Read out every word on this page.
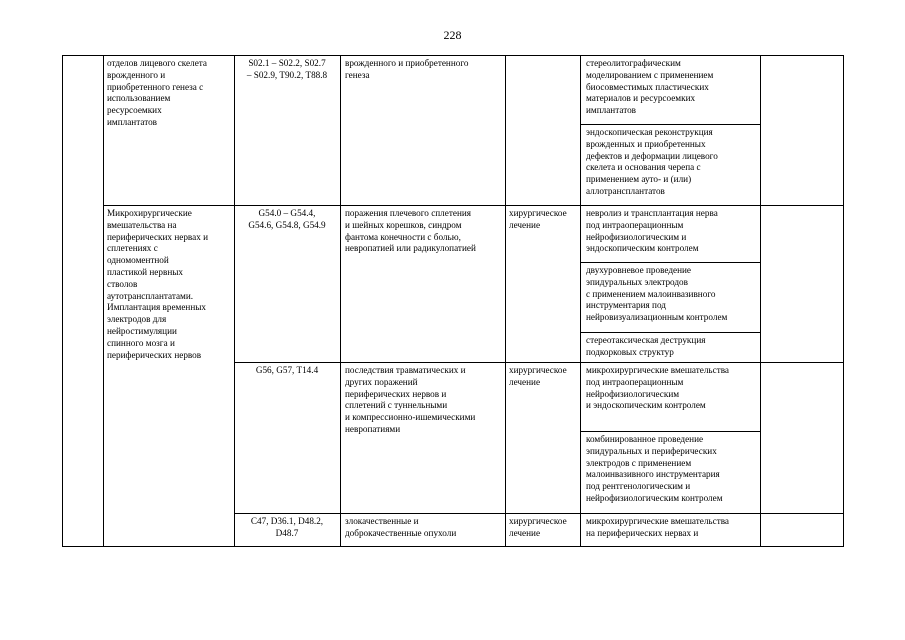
228
отделов лицевого скелета
врожденного и
приобретенного генеза с
использованием
ресурсоемких
имплантатов
S02.1 – S02.2, S02.7
– S02.9, T90.2, T88.8
врожденного и приобретенного
генеза
стереолитографическим
моделированием с применением
биосовместимых пластических
материалов и ресурсоемких
имплантатов
эндоскопическая реконструкция
врожденных и приобретенных
дефектов и деформации лицевого
скелета и основания черепа с
применением ауто- и (или)
аллотрансплантатов
Микрохирургические
вмешательства на
периферических нервах и
сплетениях с
одномоментной
пластикой нервных
стволов
аутотрансплантатами.
Имплантация временных
электродов для
нейростимуляции
спинного мозга и
периферических нервов
G54.0 – G54.4,
G54.6, G54.8, G54.9
поражения плечевого сплетения
и шейных корешков, синдром
фантома конечности с болью,
невропатией или радикулопатией
хирургическое
лечение
невролиз и трансплантация нерва
под интраоперационным
нейрофизиологическим и
эндоскопическим контролем
двухуровневое проведение
эпидуральных электродов
с применением малоинвазивного
инструментария под
нейровизуализационным контролем
стереотаксическая деструкция
подкорковых структур
G56, G57, T14.4	последствия травматических и
других поражений
периферических нервов и
сплетений с туннельными
и компрессионно-ишемическими
невропатиями
хирургическое
лечение
микрохирургические вмешательства
под интраоперационным
нейрофизиологическим
и эндоскопическим контролем
комбинированное проведение
эпидуральных и периферических
электродов с применением
малоинвазивного инструментария
под рентгенологическим и
нейрофизиологическим контролем
C47, D36.1, D48.2,
D48.7
злокачественные и
доброкачественные опухоли
хирургическое
лечение
микрохирургические вмешательства
на периферических нервах и
